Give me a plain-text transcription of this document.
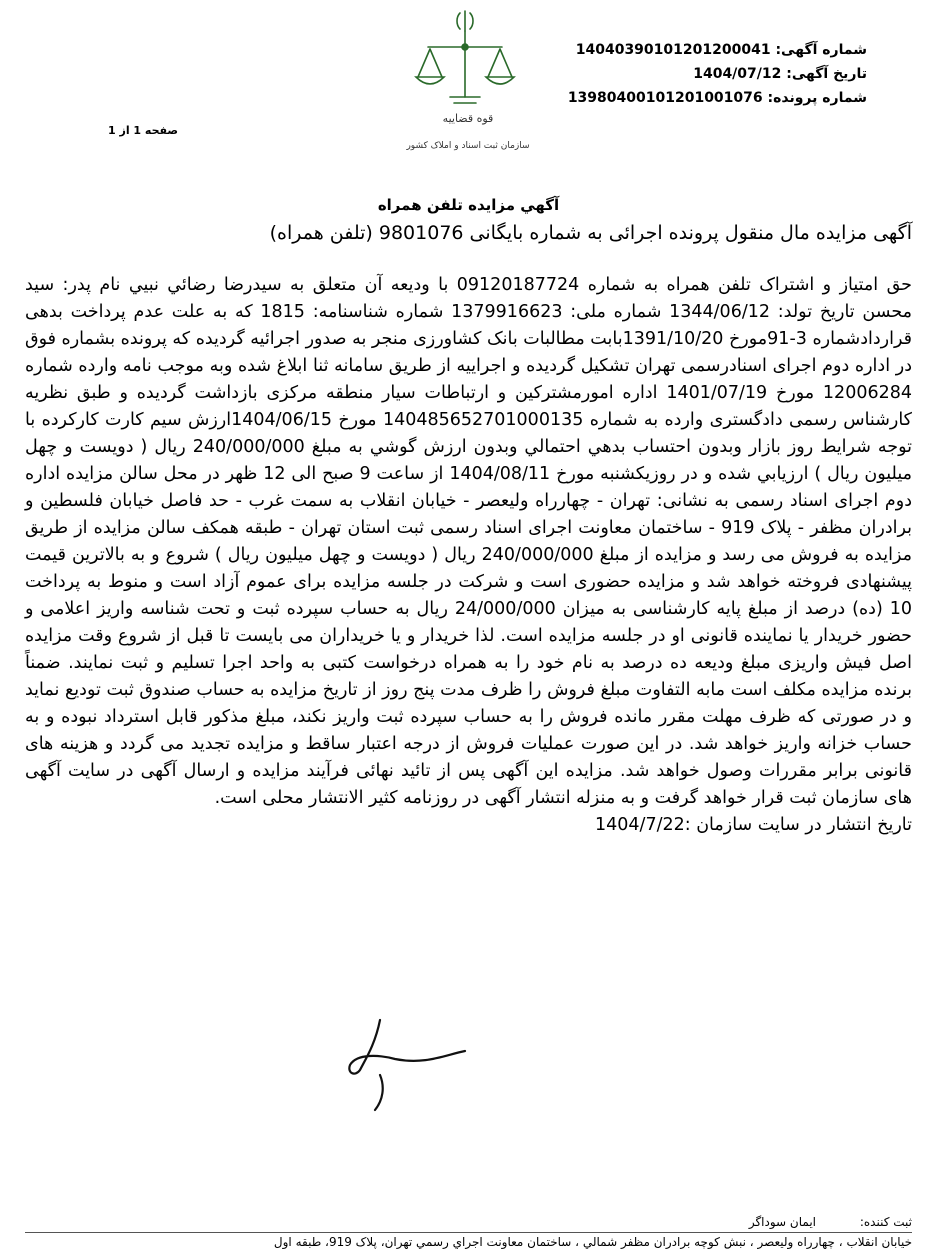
شماره آگهی: 14040390101201200041
تاریخ آگهی: 1404/07/12
شماره پرونده: 13980400101201001076
صفحه 1 از 1
قوه قضاییه
سازمان ثبت اسناد و املاک کشور
آگهي مزايده تلفن همراه
آگهی مزایده مال منقول پرونده اجرائی به شماره بایگانی 9801076 (تلفن همراه)

حق امتياز و اشتراک تلفن همراه به شماره 09120187724 با وديعه آن متعلق به سيدرضا رضائي نبيي نام پدر: سيد محسن تاریخ تولد: 1344/06/12 شماره ملی: 1379916623 شماره شناسنامه: 1815 که به علت عدم پرداخت بدهی قراردادشماره 3-91مورخ 1391/10/20بابت مطالبات بانک کشاورزی منجر به صدور اجرائیه گردیده که پرونده بشماره فوق در اداره دوم اجرای اسنادرسمی تهران تشکیل گردیده و اجراییه از طریق سامانه ثنا ابلاغ شده وبه موجب نامه وارده شماره 12006284 مورخ 1401/07/19 اداره امورمشترکین و ارتباطات سیار منطقه مرکزی بازداشت گردیده و طبق نظریه کارشناس رسمی دادگستری وارده به شماره 14048565270100013​5 مورخ 1404/06/15ارزش سیم کارت کارکرده با توجه شرایط روز بازار وبدون احتساب بدهي احتمالي وبدون ارزش گوشي به مبلغ 240/000/000 ريال ( دويست و چهل ميليون ريال ) ارزيابي شده و در روزيکشنبه مورخ 1404/08/11 از ساعت 9 صبح الی 12 ظهر در محل سالن مزایده اداره دوم اجرای اسناد رسمی به نشانی: تهران - چهارراه ولیعصر - خیابان انقلاب به سمت غرب - حد فاصل خیابان فلسطین و برادران مظفر - پلاک 919 - ساختمان معاونت اجرای اسناد رسمی ثبت استان تهران - طبقه همکف سالن مزایده از طریق مزایده به فروش می رسد و مزایده از مبلغ 240/000/000 ريال ( دويست و چهل ميليون ريال ) شروع و به بالاترین قیمت پیشنهادی فروخته خواهد شد و مزایده حضوری است و شرکت در جلسه مزایده برای عموم آزاد است و منوط به پرداخت 10 (ده) درصد از مبلغ پایه کارشناسی به میزان 24/000/000 ريال به حساب سپرده ثبت و تحت شناسه واریز اعلامی و حضور خریدار یا نماینده قانونی او در جلسه مزایده است. لذا خریدار و یا خریداران می بایست تا قبل از شروع وقت مزایده اصل فیش واریزی مبلغ ودیعه ده درصد به نام خود را به همراه درخواست کتبی به واحد اجرا تسلیم و ثبت نمایند. ضمناً برنده مزایده مکلف است مابه التفاوت مبلغ فروش را ظرف مدت پنج روز از تاریخ مزایده به حساب صندوق ثبت تودیع نماید و در صورتی که ظرف مهلت مقرر مانده فروش را به حساب سپرده ثبت واریز نکند، مبلغ مذکور قابل استرداد نبوده و به حساب خزانه واریز خواهد شد. در این صورت عملیات فروش از درجه اعتبار ساقط و مزایده تجدید می گردد و هزینه های قانونی برابر مقررات وصول خواهد شد. مزایده این آگهی پس از تائید نهائی فرآیند مزایده و ارسال آگهی در سایت آگهی های سازمان ثبت قرار خواهد گرفت و به منزله انتشار آگهی در روزنامه کثیر الانتشار محلی است.

تاریخ انتشار در سایت سازمان :1404/7/22

ثبت کننده: ایمان سوداگر
خيابان انقلاب ، چهارراه وليعصر ، نبش کوچه برادران مظفر شمالي ، ساختمان معاونت اجراي رسمي تهران، پلاک 919، طبقه اول
